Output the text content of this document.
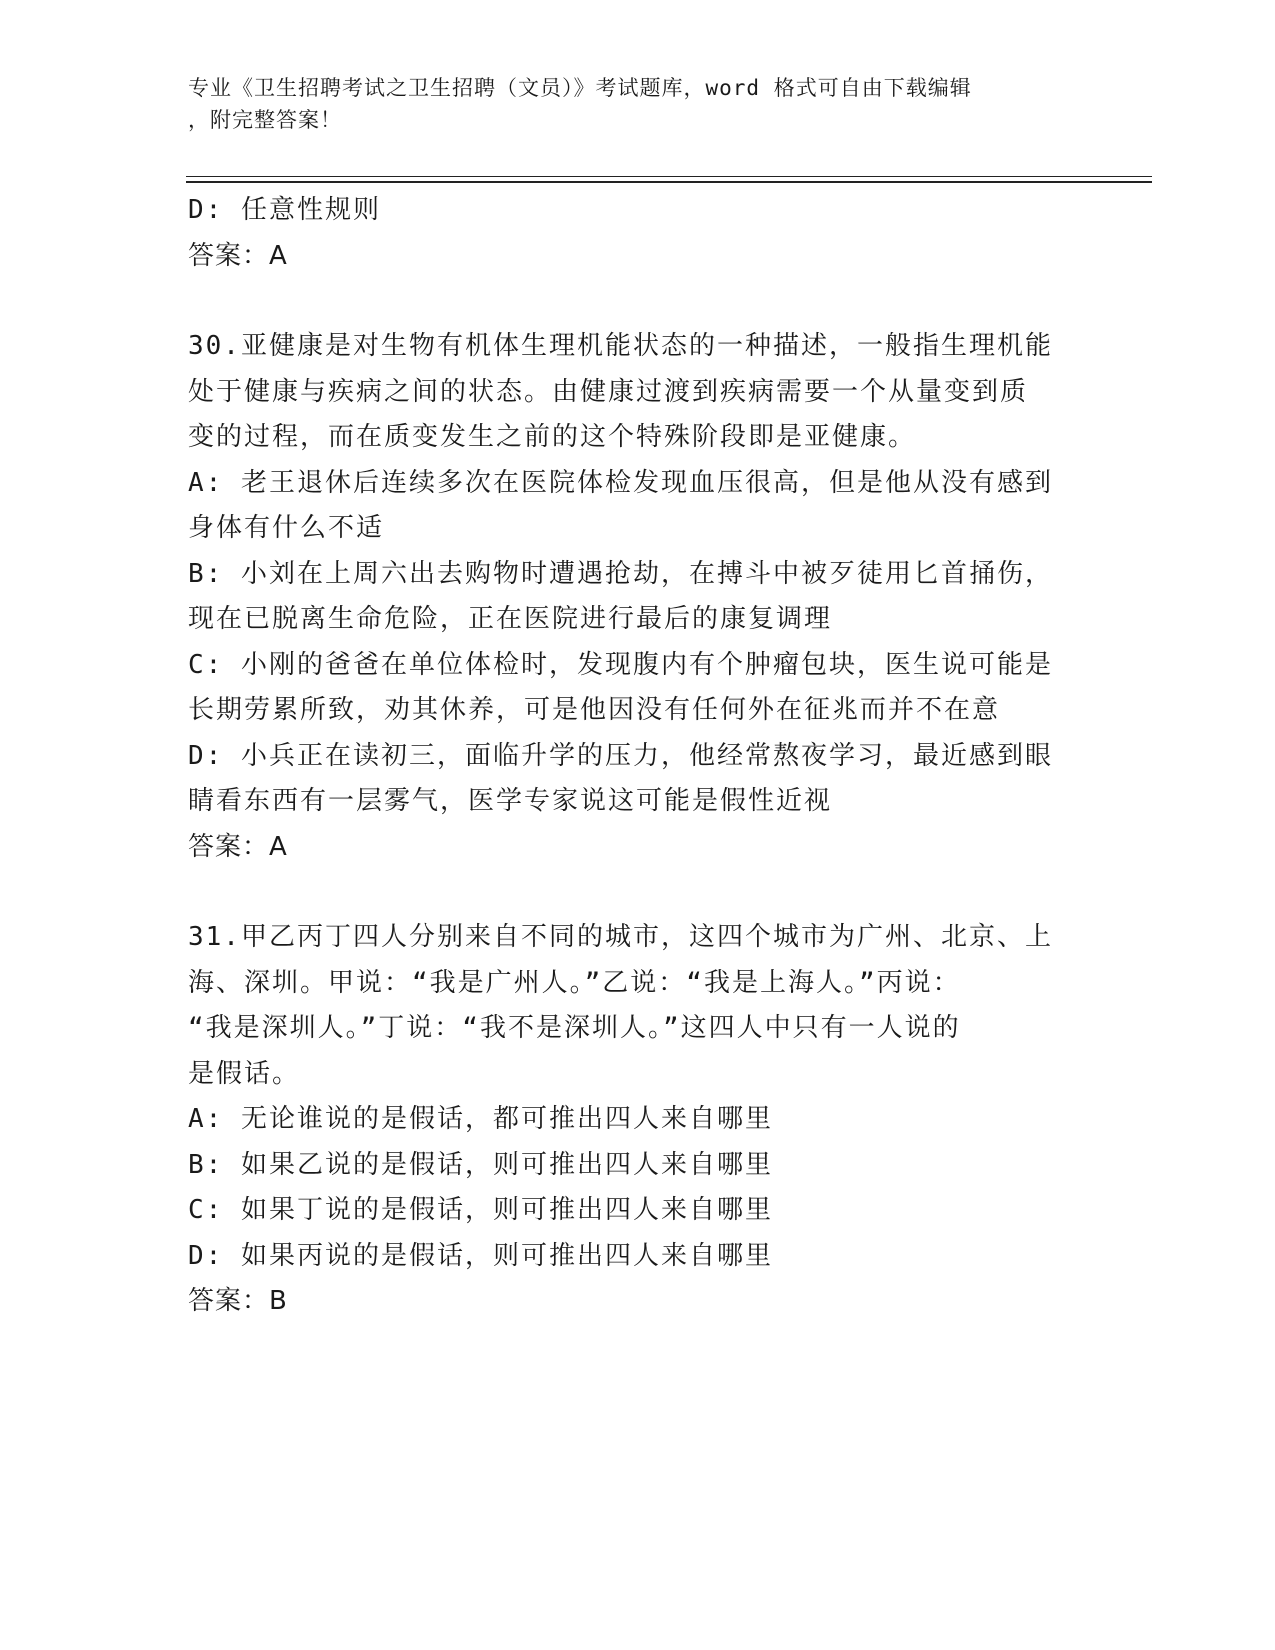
专业《卫生招聘考试之卫生招聘（文员）》考试题库，word 格式可自由下载编辑
，附完整答案！
D: 任意性规则
答案：A
30.亚健康是对生物有机体生理机能状态的一种描述，一般指生理机能
处于健康与疾病之间的状态。由健康过渡到疾病需要一个从量变到质
变的过程，而在质变发生之前的这个特殊阶段即是亚健康。
A: 老王退休后连续多次在医院体检发现血压很高，但是他从没有感到
身体有什么不适
B: 小刘在上周六出去购物时遭遇抢劫，在搏斗中被歹徒用匕首捅伤，
现在已脱离生命危险，正在医院进行最后的康复调理
C: 小刚的爸爸在单位体检时，发现腹内有个肿瘤包块，医生说可能是
长期劳累所致，劝其休养，可是他因没有任何外在征兆而并不在意
D: 小兵正在读初三，面临升学的压力，他经常熬夜学习，最近感到眼
睛看东西有一层雾气，医学专家说这可能是假性近视
答案：A
31.甲乙丙丁四人分别来自不同的城市，这四个城市为广州、北京、上
海、深圳。甲说：“我是广州人。”乙说：“我是上海人。”丙说：
“我是深圳人。”丁说：“我不是深圳人。”这四人中只有一人说的
是假话。
A: 无论谁说的是假话，都可推出四人来自哪里
B: 如果乙说的是假话，则可推出四人来自哪里
C: 如果丁说的是假话，则可推出四人来自哪里
D: 如果丙说的是假话，则可推出四人来自哪里
答案：B
